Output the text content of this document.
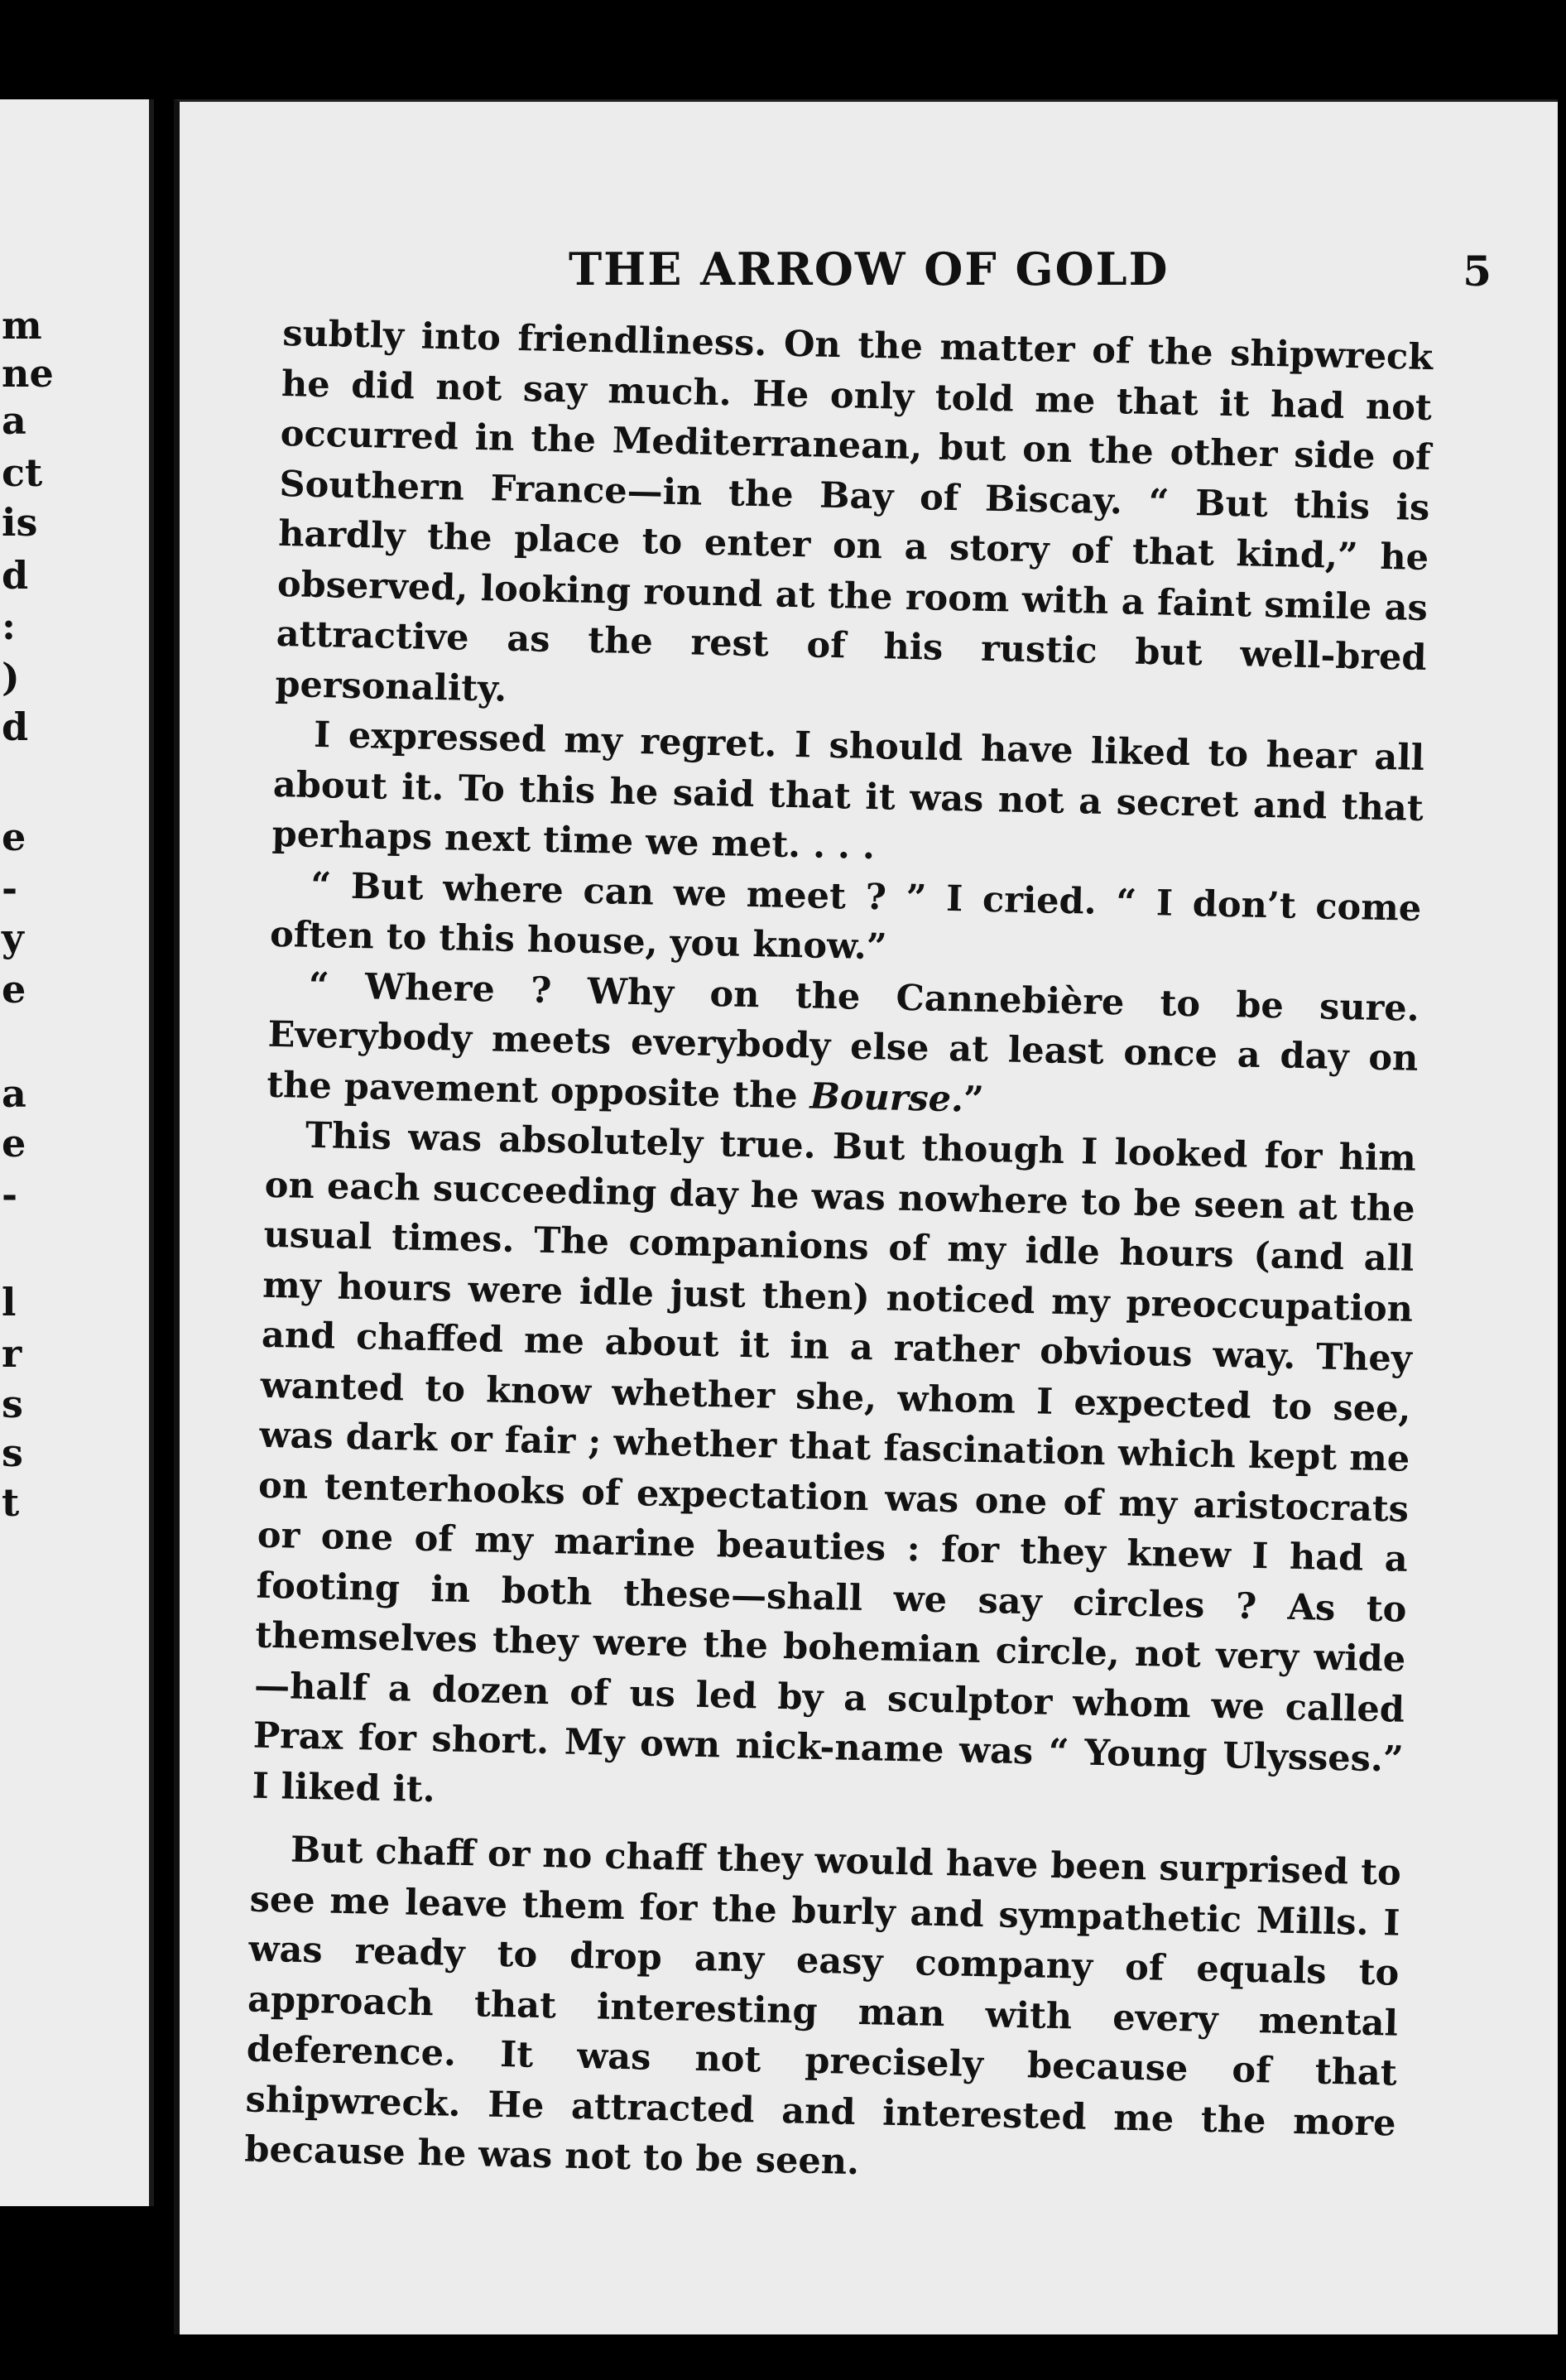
m
ne
a
ct
is
d
:
)
d
e
-
y
e
a
e
-
l
r
s
s
t
THE ARROW OF GOLD	5

subtly into friendliness. On the matter of the shipwreck he did not say much. He only told me that it had not occurred in the Mediterranean, but on the other side of Southern France—in the Bay of Biscay. “ But this is hardly the place to enter on a story of that kind,” he observed, looking round at the room with a faint smile as attractive as the rest of his rustic but well-bred personality.

I expressed my regret. I should have liked to hear all about it. To this he said that it was not a secret and that perhaps next time we met. . . .

“ But where can we meet ? ” I cried. “ I don’t come often to this house, you know.”

“ Where ? Why on the Cannebière to be sure. Everybody meets everybody else at least once a day on the pavement opposite the Bourse.”

This was absolutely true. But though I looked for him on each succeeding day he was nowhere to be seen at the usual times. The companions of my idle hours (and all my hours were idle just then) noticed my preoccupation and chaffed me about it in a rather obvious way. They wanted to know whether she, whom I expected to see, was dark or fair ; whether that fascination which kept me on tenterhooks of expectation was one of my aristocrats or one of my marine beauties : for they knew I had a footing in both these—shall we say circles ? As to themselves they were the bohemian circle, not very wide—half a dozen of us led by a sculptor whom we called Prax for short. My own nick-name was “ Young Ulysses.” I liked it.

But chaff or no chaff they would have been surprised to see me leave them for the burly and sympathetic Mills. I was ready to drop any easy company of equals to approach that interesting man with every mental deference. It was not precisely because of that shipwreck. He attracted and interested me the more because he was not to be seen.
